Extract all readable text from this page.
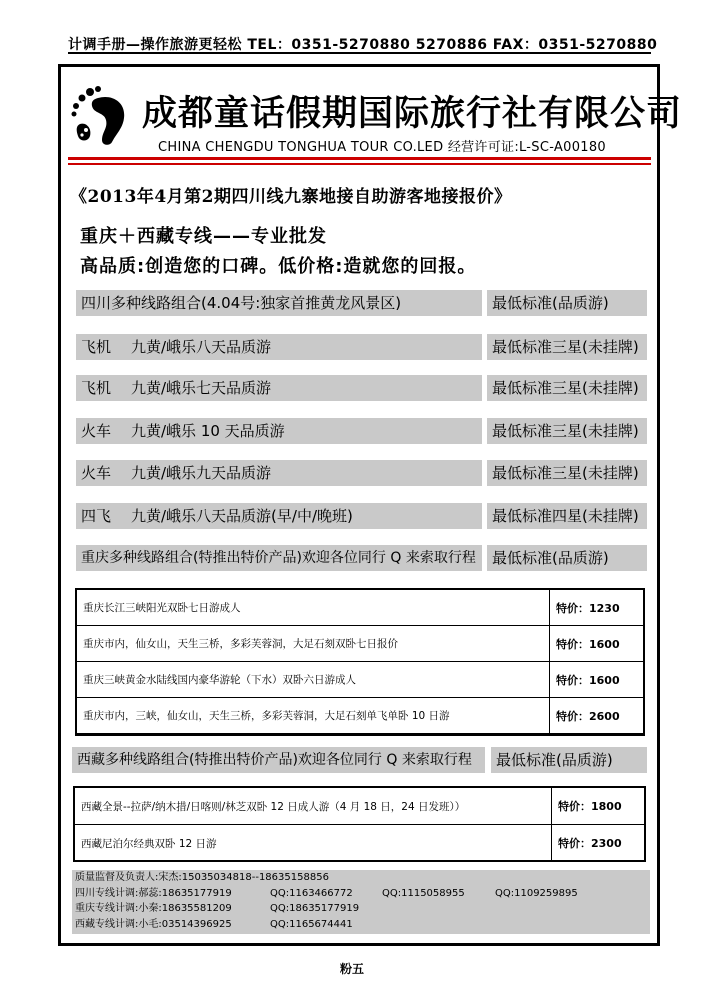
计调手册—操作旅游更轻松 TEL：0351-5270880 5270886 FAX：0351-5270880
成都童话假期国际旅行社有限公司
CHINA CHENGDU TONGHUA TOUR CO.LED 经营许可证:L-SC-A00180
《2013年4月第2期四川线九寨地接自助游客地接报价》
重庆＋西藏专线——专业批发
高品质:创造您的口碑。低价格:造就您的回报。
四川多种线路组合(4.04号:独家首推黄龙风景区)	最低标准(品质游)
飞机 九黄/峨乐八天品质游	最低标准三星(未挂牌)
飞机 九黄/峨乐七天品质游	最低标准三星(未挂牌)
火车 九黄/峨乐 10 天品质游	最低标准三星(未挂牌)
火车 九黄/峨乐九天品质游	最低标准三星(未挂牌)
四飞 九黄/峨乐八天品质游(早/中/晚班)	最低标准四星(未挂牌)
重庆多种线路组合(特推出特价产品)欢迎各位同行 Q 来索取行程	最低标准(品质游)
重庆长江三峡阳光双卧七日游成人	特价：1230
重庆市内，仙女山，天生三桥，多彩芙蓉洞，大足石刻双卧七日报价	特价：1600
重庆三峡黄金水陆线国内豪华游轮（下水）双卧六日游成人	特价：1600
重庆市内，三峡，仙女山，天生三桥，多彩芙蓉洞，大足石刻单飞单卧 10 日游	特价：2600
西藏多种线路组合(特推出特价产品)欢迎各位同行 Q 来索取行程	最低标准(品质游)
西藏全景--拉萨/纳木措/日喀则/林芝双卧 12 日成人游（4 月 18 日，24 日发班））	特价：1800
西藏尼泊尔经典双卧 12 日游	特价：2300
质量监督及负责人:宋杰:15035034818--18635158856
四川专线计调:郝蕊:18635177919	QQ:1163466772	QQ:1115058955	QQ:1109259895
重庆专线计调:小秦:18635581209	QQ:18635177919
西藏专线计调:小毛:03514396925	QQ:1165674441
粉五
